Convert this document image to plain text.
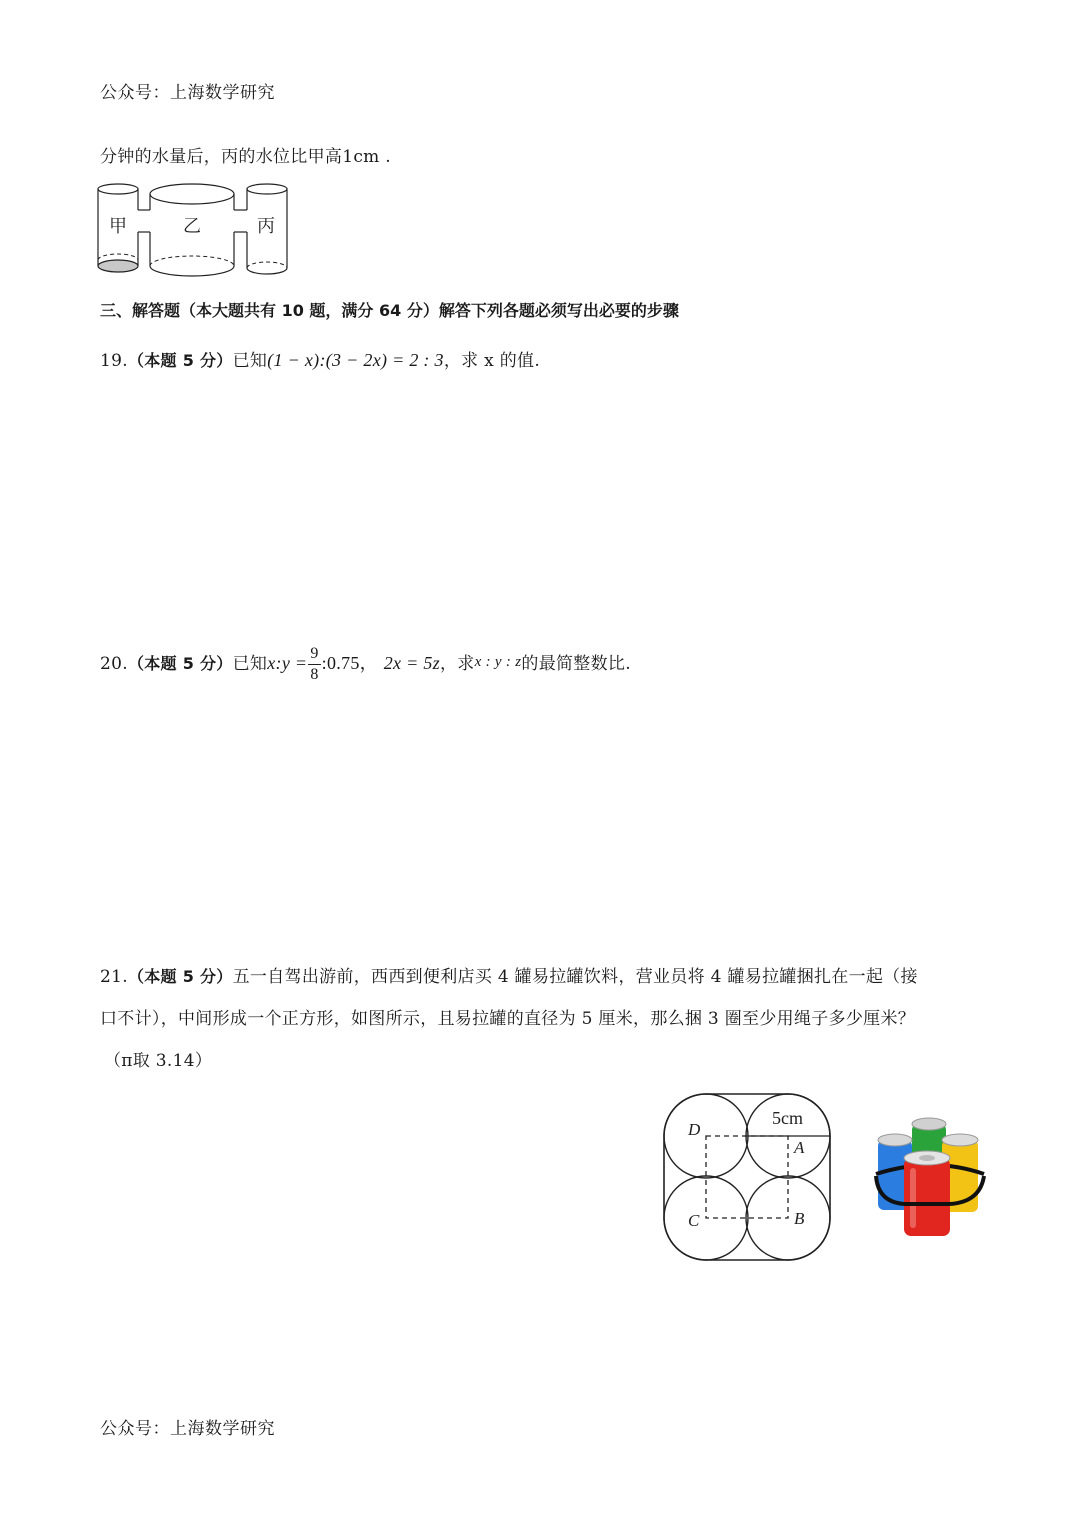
公众号：上海数学研究
分钟的水量后，丙的水位比甲高1cm .
甲	乙	丙
三、解答题（本大题共有 10 题，满分 64 分）解答下列各题必须写出必要的步骤
19.（本题 5 分）已知(1 − x):(3 − 2x) = 2 : 3，求 x 的值.
20.（本题 5 分）已知x:y = $\frac{9}{8}$ :0.75， 2x = 5z，求x : y : z的最简整数比.
21.（本题 5 分）五一自驾出游前，西西到便利店买 4 罐易拉罐饮料，营业员将 4 罐易拉罐捆扎在一起（接
口不计），中间形成一个正方形，如图所示，且易拉罐的直径为 5 厘米，那么捆 3 圈至少用绳子多少厘米？
（π取 3.14）
5cm
D
A
C	B
公众号：上海数学研究
